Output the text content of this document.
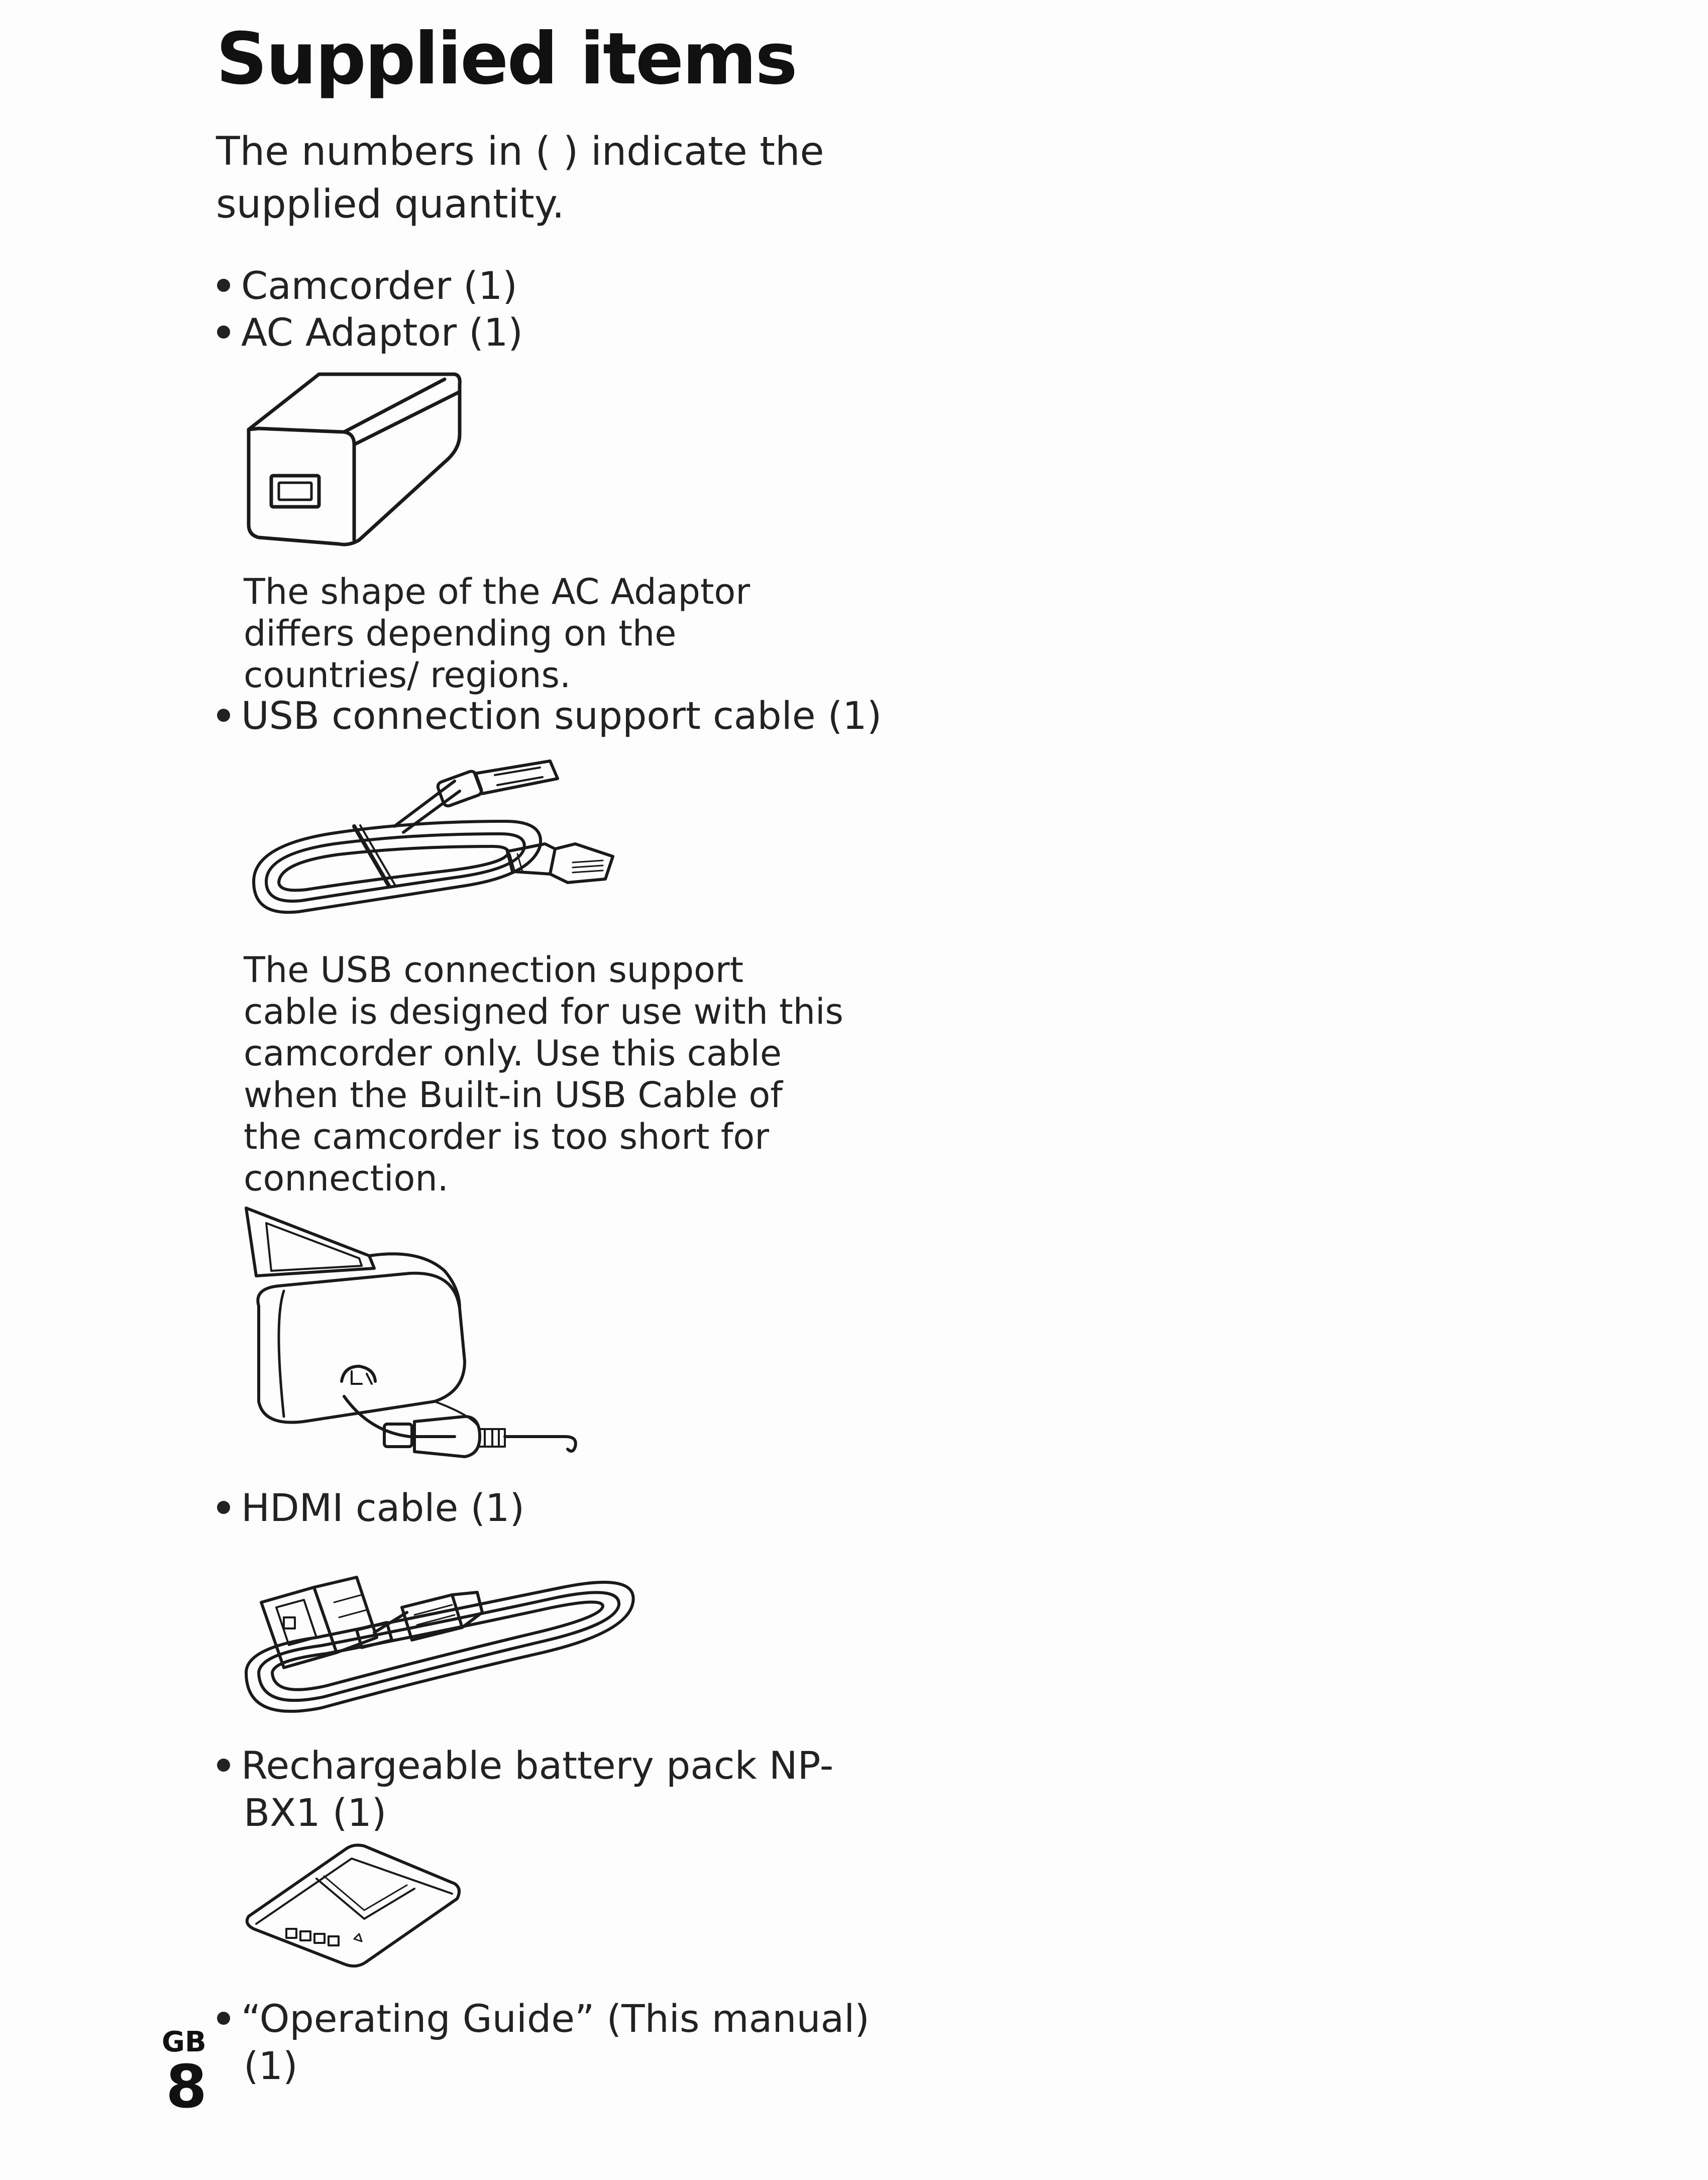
Supplied items
The numbers in ( ) indicate the supplied quantity.
Camcorder (1)
AC Adaptor (1)
The shape of the AC Adaptor differs depending on the countries/ regions.
USB connection support cable (1)
The USB connection support cable is designed for use with this camcorder only. Use this cable when the Built-in USB Cable of the camcorder is too short for connection.
HDMI cable (1)
Rechargeable battery pack NP-
BX1 (1)
“Operating Guide” (This manual)
(1)
GB
8
